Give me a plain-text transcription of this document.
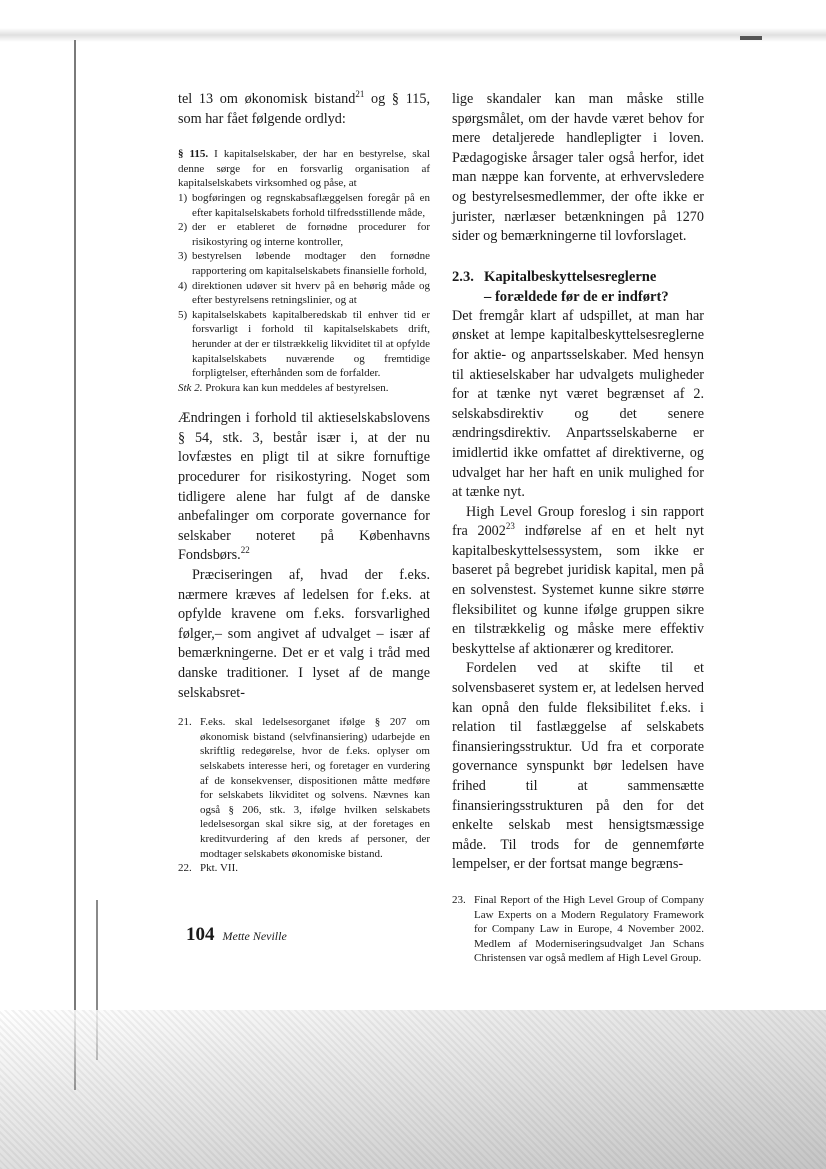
tel 13 om økonomisk bistand$^{21}$ og § 115, som har fået følgende ordlyd:

§ 115. I kapitalselskaber, der har en bestyrelse, skal denne sørge for en forsvarlig organisation af kapitalselskabets virksomhed og påse, at

1) bogføringen og regnskabsaflæggelsen foregår på en efter kapitalselskabets forhold tilfredsstillende måde,
2) der er etableret de fornødne procedurer for risikostyring og interne kontroller,
3) bestyrelsen løbende modtager den fornødne rapportering om kapitalselskabets finansielle forhold,
4) direktionen udøver sit hverv på en behørig måde og efter bestyrelsens retningslinier, og at
5) kapitalselskabets kapitalberedskab til enhver tid er forsvarligt i forhold til kapitalselskabets drift, herunder at der er tilstrækkelig likviditet til at opfylde kapitalselskabets nuværende og fremtidige forpligtelser, efterhånden som de forfalder.

Stk 2. Prokura kan kun meddeles af bestyrelsen.

Ændringen i forhold til aktieselskabslovens § 54, stk. 3, består især i, at der nu lovfæstes en pligt til at sikre fornuftige procedurer for risikostyring. Noget som tidligere alene har fulgt af de danske anbefalinger om corporate governance for selskaber noteret på Københavns Fondsbørs.$^{22}$

Præciseringen af, hvad der f.eks. nærmere kræves af ledelsen for f.eks. at opfylde kravene om f.eks. forsvarlighed følger,– som angivet af udvalget – især af bemærkningerne. Det er et valg i tråd med danske traditioner. I lyset af de mange selskabsret-

21. F.eks. skal ledelsesorganet ifølge § 207 om økonomisk bistand (selvfinansiering) udarbejde en skriftlig redegørelse, hvor de f.eks. oplyser om selskabets interesse heri, og foretager en vurdering af de konsekvenser, dispositionen måtte medføre for selskabets likviditet og solvens. Nævnes kan også § 206, stk. 3, ifølge hvilken selskabets ledelsesorgan skal sikre sig, at der foretages en kreditvurdering af den kreds af personer, der modtager selskabets økonomiske bistand.
22. Pkt. VII.

lige skandaler kan man måske stille spørgsmålet, om der havde været behov for mere detaljerede handlepligter i loven. Pædagogiske årsager taler også herfor, idet man næppe kan forvente, at erhvervsledere og bestyrelsesmedlemmer, der ofte ikke er jurister, nærlæser betænkningen på 1270 sider og bemærkningerne til lovforslaget.

2.3. Kapitalbeskyttelsesreglerne
– forældede før de er indført?

Det fremgår klart af udspillet, at man har ønsket at lempe kapitalbeskyttelsesreglerne for aktie- og anpartsselskaber. Med hensyn til aktieselskaber har udvalgets muligheder for at tænke nyt været begrænset af 2. selskabsdirektiv og det senere ændringsdirektiv. Anpartsselskaberne er imidlertid ikke omfattet af direktiverne, og udvalget har her haft en unik mulighed for at tænke nyt.

High Level Group foreslog i sin rapport fra 2002$^{23}$ indførelse af en et helt nyt kapitalbeskyttelsessystem, som ikke er baseret på begrebet juridisk kapital, men på en solvenstest. Systemet kunne sikre større fleksibilitet og kunne ifølge gruppen sikre en tilstrækkelig og måske mere effektiv beskyttelse af aktionærer og kreditorer.

Fordelen ved at skifte til et solvensbaseret system er, at ledelsen herved kan opnå den fulde fleksibilitet f.eks. i relation til fastlæggelse af selskabets finansieringsstruktur. Ud fra et corporate governance synspunkt bør ledelsen have frihed til at sammensætte finansieringsstrukturen på den for det enkelte selskab mest hensigtsmæssige måde. Til trods for de gennemførte lempelser, er der fortsat mange begræns-

23. Final Report of the High Level Group of Company Law Experts on a Modern Regulatory Framework for Company Law in Europe, 4 November 2002. Medlem af Moderniseringsudvalget Jan Schans Christensen var også medlem af High Level Group.
104 Mette Neville
